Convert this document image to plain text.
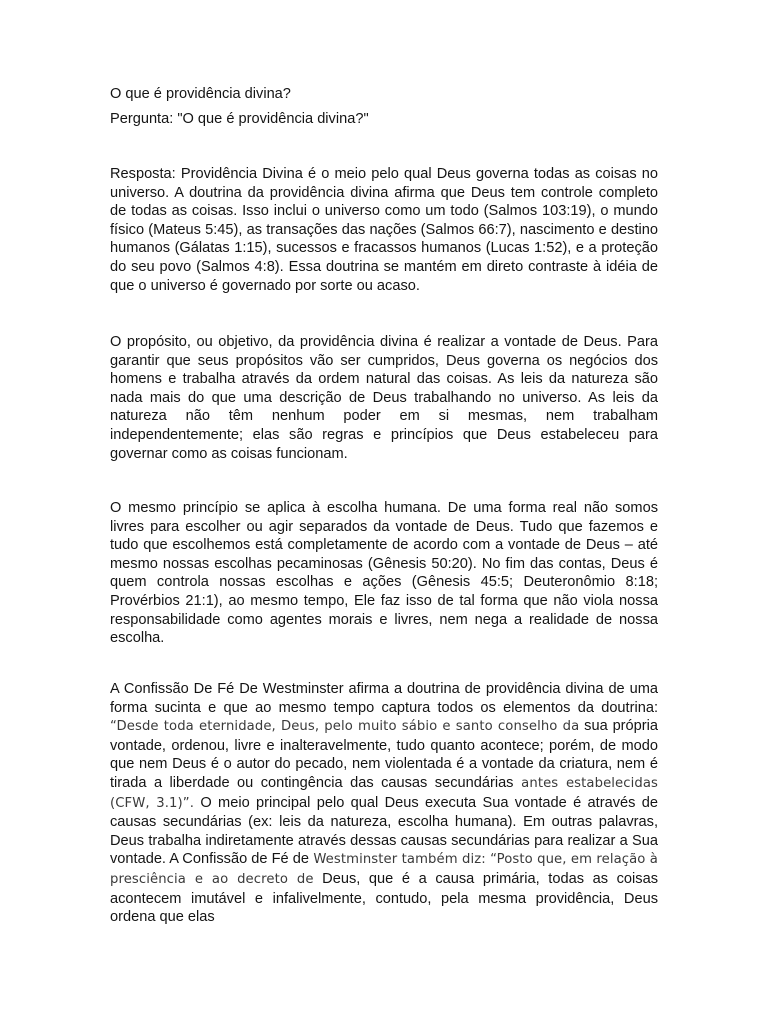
O que é providência divina?
Pergunta: "O que é providência divina?"

Resposta: Providência Divina é o meio pelo qual Deus governa todas as coisas no universo. A doutrina da providência divina afirma que Deus tem controle completo de todas as coisas. Isso inclui o universo como um todo (Salmos 103:19), o mundo físico (Mateus 5:45), as transações das nações (Salmos 66:7), nascimento e destino humanos (Gálatas 1:15), sucessos e fracassos humanos (Lucas 1:52), e a proteção do seu povo (Salmos 4:8). Essa doutrina se mantém em direto contraste à idéia de que o universo é governado por sorte ou acaso.

O propósito, ou objetivo, da providência divina é realizar a vontade de Deus. Para garantir que seus propósitos vão ser cumpridos, Deus governa os negócios dos homens e trabalha através da ordem natural das coisas. As leis da natureza são nada mais do que uma descrição de Deus trabalhando no universo. As leis da natureza não têm nenhum poder em si mesmas, nem trabalham independentemente; elas são regras e princípios que Deus estabeleceu para governar como as coisas funcionam.

O mesmo princípio se aplica à escolha humana. De uma forma real não somos livres para escolher ou agir separados da vontade de Deus. Tudo que fazemos e tudo que escolhemos está completamente de acordo com a vontade de Deus – até mesmo nossas escolhas pecaminosas (Gênesis 50:20). No fim das contas, Deus é quem controla nossas escolhas e ações (Gênesis 45:5; Deuteronômio 8:18; Provérbios 21:1), ao mesmo tempo, Ele faz isso de tal forma que não viola nossa responsabilidade como agentes morais e livres, nem nega a realidade de nossa escolha.

A Confissão De Fé De Westminster afirma a doutrina de providência divina de uma forma sucinta e que ao mesmo tempo captura todos os elementos da doutrina: “Desde toda eternidade, Deus, pelo muito sábio e santo conselho da sua própria vontade, ordenou, livre e inalteravelmente, tudo quanto acontece; porém, de modo que nem Deus é o autor do pecado, nem violentada é a vontade da criatura, nem é tirada a liberdade ou contingência das causas secundárias antes estabelecidas (CFW, 3.1)”. O meio principal pelo qual Deus executa Sua vontade é através de causas secundárias (ex: leis da natureza, escolha humana). Em outras palavras, Deus trabalha indiretamente através dessas causas secundárias para realizar a Sua vontade. A Confissão de Fé de Westminster também diz: “Posto que, em relação à presciência e ao decreto de Deus, que é a causa primária, todas as coisas acontecem imutável e infalivelmente, contudo, pela mesma providência, Deus ordena que elas
